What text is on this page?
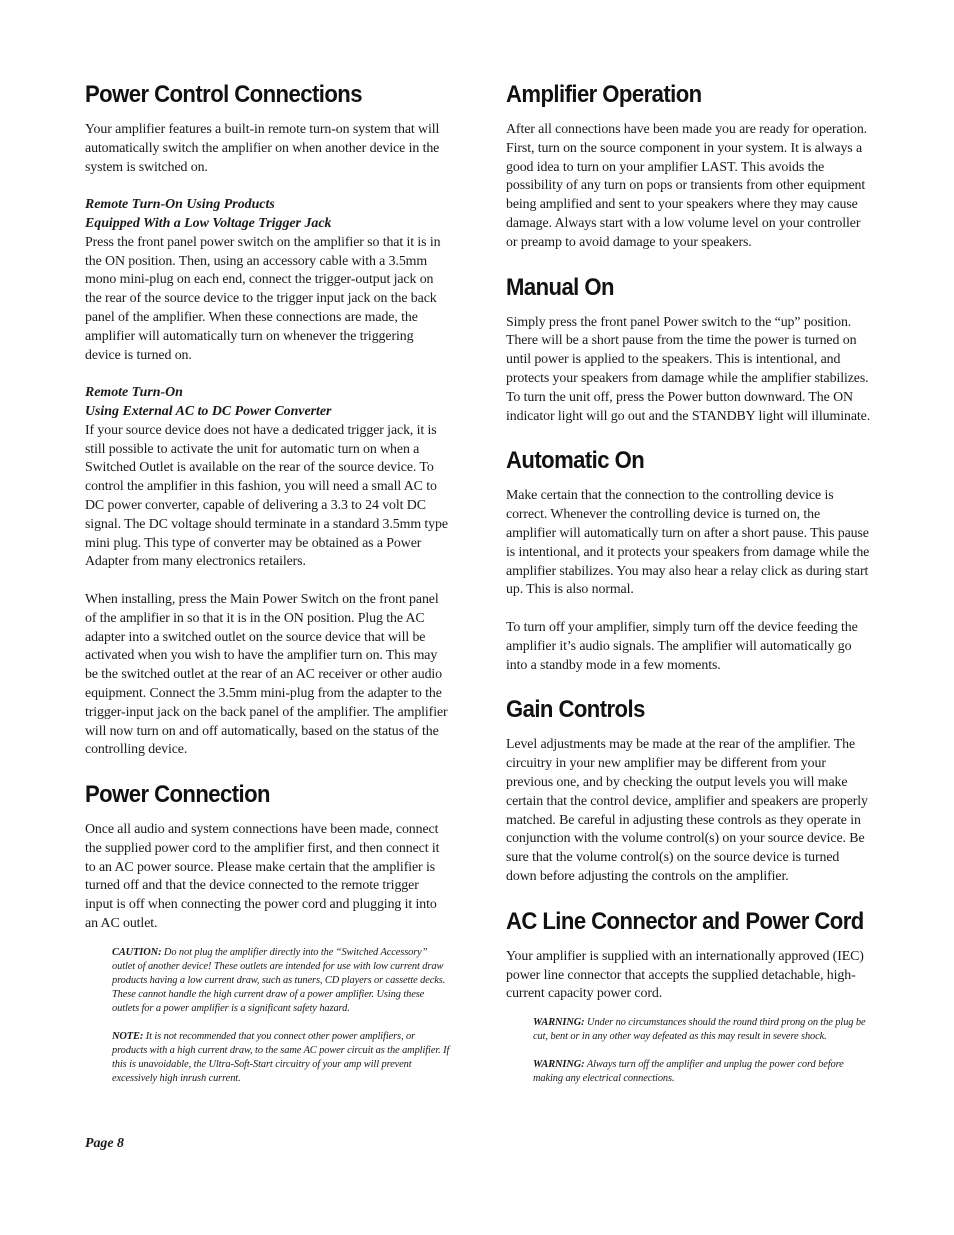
Power Control Connections

Your amplifier features a built-in remote turn-on system that will automatically switch the amplifier on when another device in the system is switched on.

Remote Turn-On Using Products
Equipped With a Low Voltage Trigger Jack

Press the front panel power switch on the amplifier so that it is in the ON position. Then, using an accessory cable with a 3.5mm mono mini-plug on each end, connect the trigger-output jack on the rear of the source device to the trigger input jack on the back panel of the amplifier. When these connections are made, the amplifier will automatically turn on whenever the triggering device is turned on.

Remote Turn-On
Using External AC to DC Power Converter

If your source device does not have a dedicated trigger jack, it is still possible to activate the unit for automatic turn on when a Switched Outlet is available on the rear of the source device. To control the amplifier in this fashion, you will need a small AC to DC power converter, capable of delivering a 3.3 to 24 volt DC signal. The DC voltage should terminate in a standard 3.5mm type mini plug. This type of converter may be obtained as a Power Adapter from many electronics retailers.

When installing, press the Main Power Switch on the front panel of the amplifier in so that it is in the ON position. Plug the AC adapter into a switched outlet on the source device that will be activated when you wish to have the amplifier turn on. This may be the switched outlet at the rear of an AC receiver or other audio equipment. Connect the 3.5mm mini-plug from the adapter to the trigger-input jack on the back panel of the amplifier. The amplifier will now turn on and off automatically, based on the status of the controlling device.

Power Connection

Once all audio and system connections have been made, connect the supplied power cord to the amplifier first, and then connect it to an AC power source. Please make certain that the amplifier is turned off and that the device connected to the remote trigger input is off when connecting the power cord and plugging it into an AC outlet.

CAUTION: Do not plug the amplifier directly into the “Switched Accessory” outlet of another device! These outlets are intended for use with low current draw products having a low current draw, such as tuners, CD players or cassette decks. These cannot handle the high current draw of a power amplifier. Using these outlets for a power amplifier is a significant safety hazard.

NOTE: It is not recommended that you connect other power amplifiers, or products with a high current draw, to the same AC power circuit as the amplifier. If this is unavoidable, the Ultra-Soft-Start circuitry of your amp will prevent excessively high inrush current.

Amplifier Operation

After all connections have been made you are ready for operation. First, turn on the source component in your system. It is always a good idea to turn on your amplifier LAST. This avoids the possibility of any turn on pops or transients from other equipment being amplified and sent to your speakers where they may cause damage. Always start with a low volume level on your controller or preamp to avoid damage to your speakers.

Manual On

Simply press the front panel Power switch to the “up” position. There will be a short pause from the time the power is turned on until power is applied to the speakers. This is intentional, and protects your speakers from damage while the amplifier stabilizes. To turn the unit off, press the Power button downward. The ON indicator light will go out and the STANDBY light will illuminate.

Automatic On

Make certain that the connection to the controlling device is correct. Whenever the controlling device is turned on, the amplifier will automatically turn on after a short pause. This pause is intentional, and it protects your speakers from damage while the amplifier stabilizes. You may also hear a relay click as during start up. This is also normal.

To turn off your amplifier, simply turn off the device feeding the amplifier it’s audio signals. The amplifier will automatically go into a standby mode in a few moments.

Gain Controls

Level adjustments may be made at the rear of the amplifier. The circuitry in your new amplifier may be different from your previous one, and by checking the output levels you will make certain that the control device, amplifier and speakers are properly matched. Be careful in adjusting these controls as they operate in conjunction with the volume control(s) on your source device. Be sure that the volume control(s) on the source device is turned down before adjusting the controls on the amplifier.

AC Line Connector and Power Cord

Your amplifier is supplied with an internationally approved (IEC) power line connector that accepts the supplied detachable, high-current capacity power cord.

WARNING: Under no circumstances should the round third prong on the plug be cut, bent or in any other way defeated as this may result in severe shock.

WARNING: Always turn off the amplifier and unplug the power cord before making any electrical connections.

Page 8
